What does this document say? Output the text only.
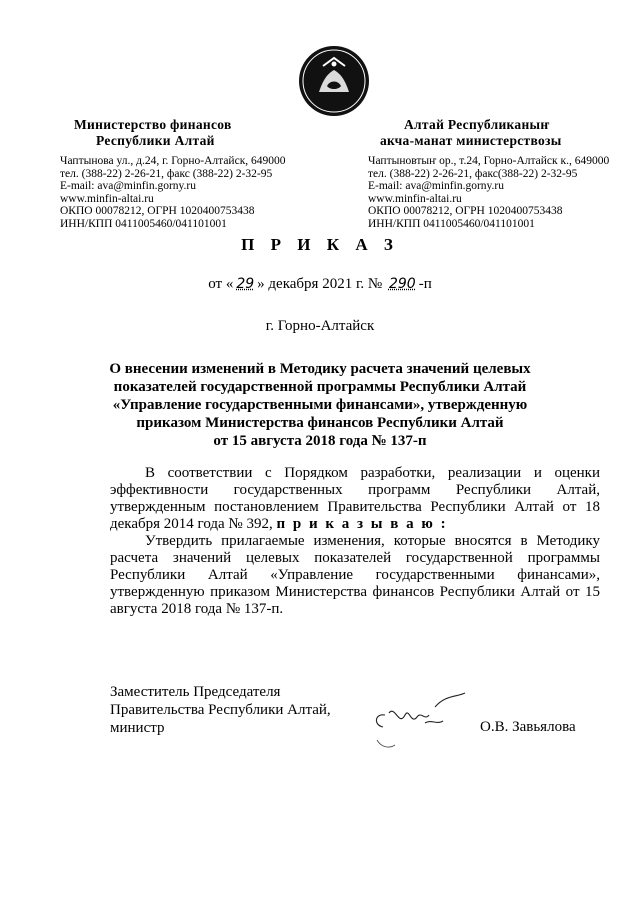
Министерство финансов
Республики Алтай
Чаптынова ул., д.24, г. Горно-Алтайск, 649000
тел. (388-22) 2-26-21, факс (388-22) 2-32-95
E-mail: ava@minfin.gorny.ru
www.minfin-altai.ru
ОКПО 00078212, ОГРН 1020400753438
ИНН/КПП 0411005460/041101001
Алтай Республиканыҥ
акча-манат министерствозы
Чаптыновтыҥ ор., т.24, Горно-Алтайск к., 649000
тел. (388-22) 2-26-21, факс(388-22) 2-32-95
E-mail: ava@minfin.gorny.ru
www.minfin-altai.ru
ОКПО 00078212, ОГРН 1020400753438
ИНН/КПП 0411005460/041101001
П Р И К А З
от « 29 » декабря 2021 г. № 290 -п
г. Горно-Алтайск
О внесении изменений в Методику расчета значений целевых
показателей государственной программы Республики Алтай
«Управление государственными финансами», утвержденную
приказом Министерства финансов Республики Алтай
от 15 августа 2018 года № 137-п

В соответствии с Порядком разработки, реализации и оценки эффективности государственных программ Республики Алтай, утвержденным постановлением Правительства Республики Алтай от 18 декабря 2014 года № 392, п р и к а з ы в а ю :

Утвердить прилагаемые изменения, которые вносятся в Методику расчета значений целевых показателей государственной программы Республики Алтай «Управление государственными финансами», утвержденную приказом Министерства финансов Республики Алтай от 15 августа 2018 года № 137-п.

Заместитель Председателя
Правительства Республики Алтай,
министр	О.В. Завьялова
